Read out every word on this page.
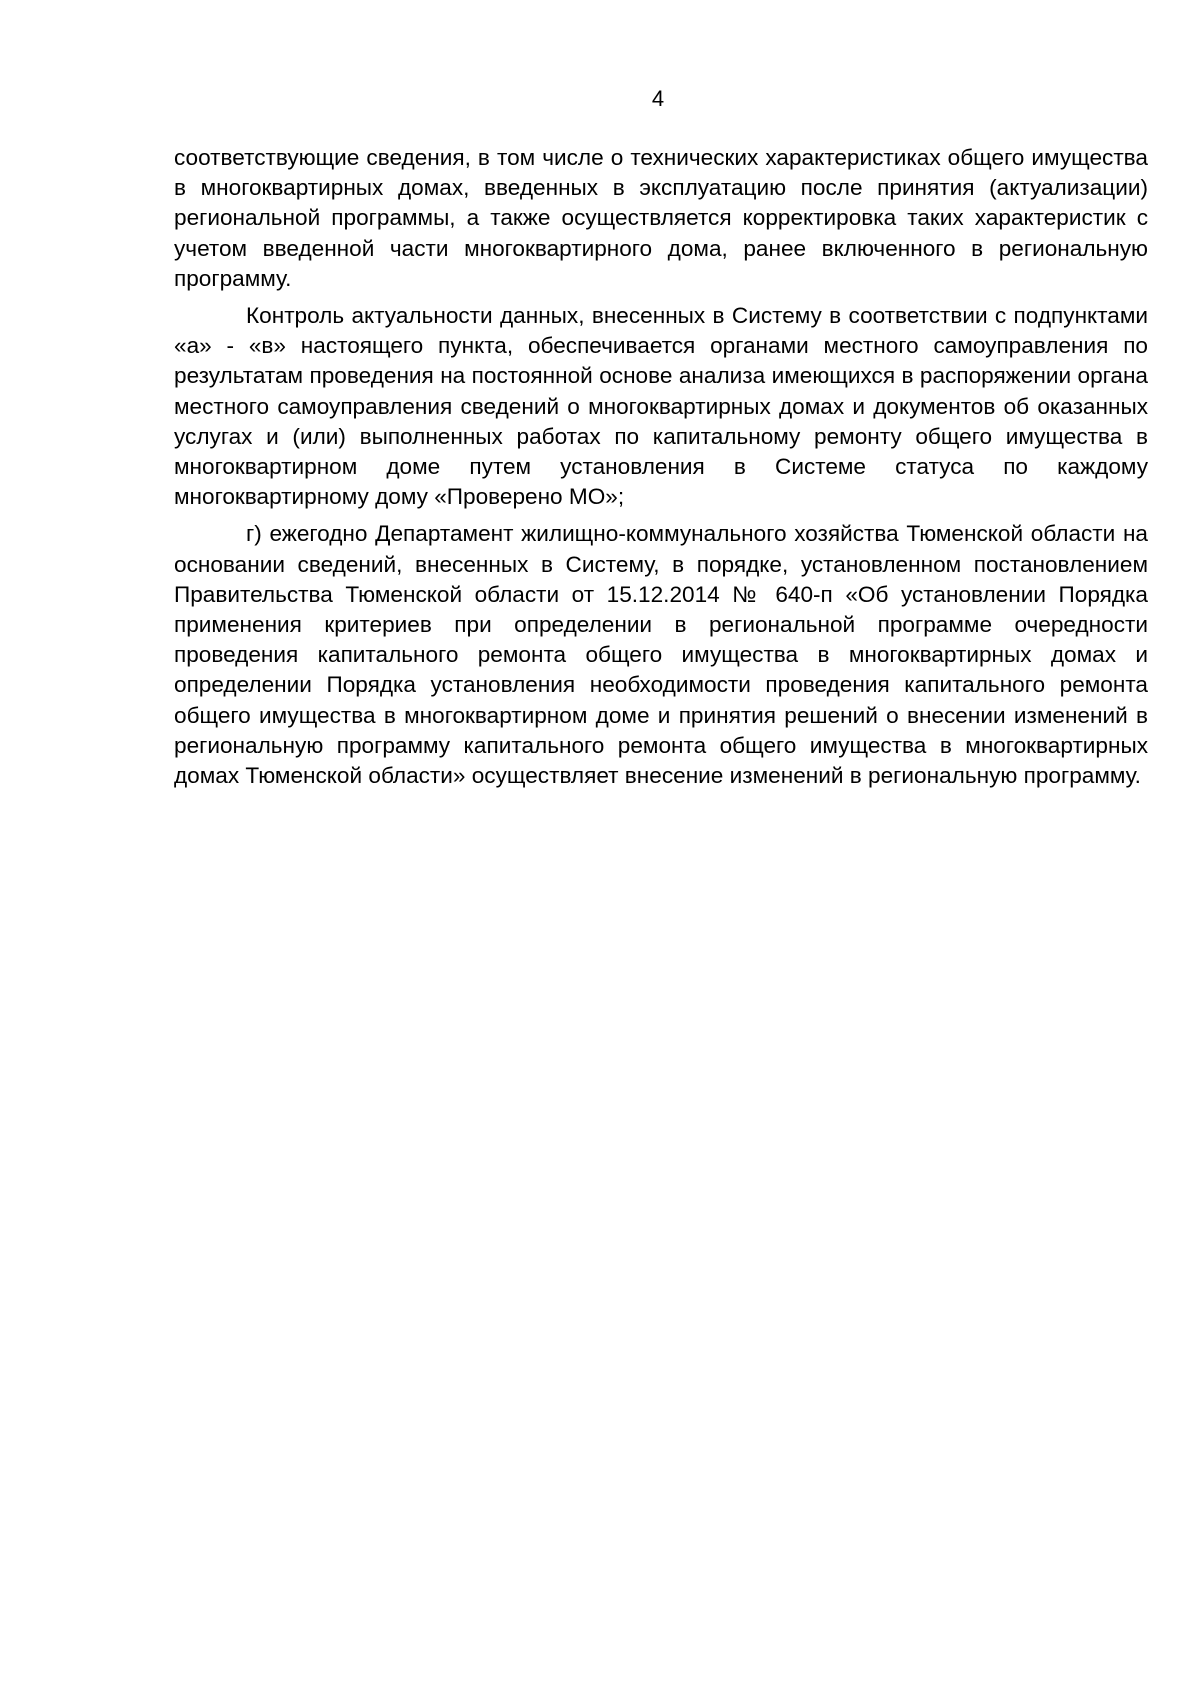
4

соответствующие сведения, в том числе о технических характеристиках общего имущества в многоквартирных домах, введенных в эксплуатацию после принятия (актуализации) региональной программы, а также осуществляется корректировка таких характеристик с учетом введенной части многоквартирного дома, ранее включенного в региональную программу.

Контроль актуальности данных, внесенных в Систему в соответствии с подпунктами «а» - «в» настоящего пункта, обеспечивается органами местного самоуправления по результатам проведения на постоянной основе анализа имеющихся в распоряжении органа местного самоуправления сведений о многоквартирных домах и документов об оказанных услугах и (или) выполненных работах по капитальному ремонту общего имущества в многоквартирном доме путем установления в Системе статуса по каждому многоквартирному дому «Проверено МО»;

г) ежегодно Департамент жилищно-коммунального хозяйства Тюменской области на основании сведений, внесенных в Систему, в порядке, установленном постановлением Правительства Тюменской области от 15.12.2014 № 640-п «Об установлении Порядка применения критериев при определении в региональной программе очередности проведения капитального ремонта общего имущества в многоквартирных домах и определении Порядка установления необходимости проведения капитального ремонта общего имущества в многоквартирном доме и принятия решений о внесении изменений в региональную программу капитального ремонта общего имущества в многоквартирных домах Тюменской области» осуществляет внесение изменений в региональную программу.
